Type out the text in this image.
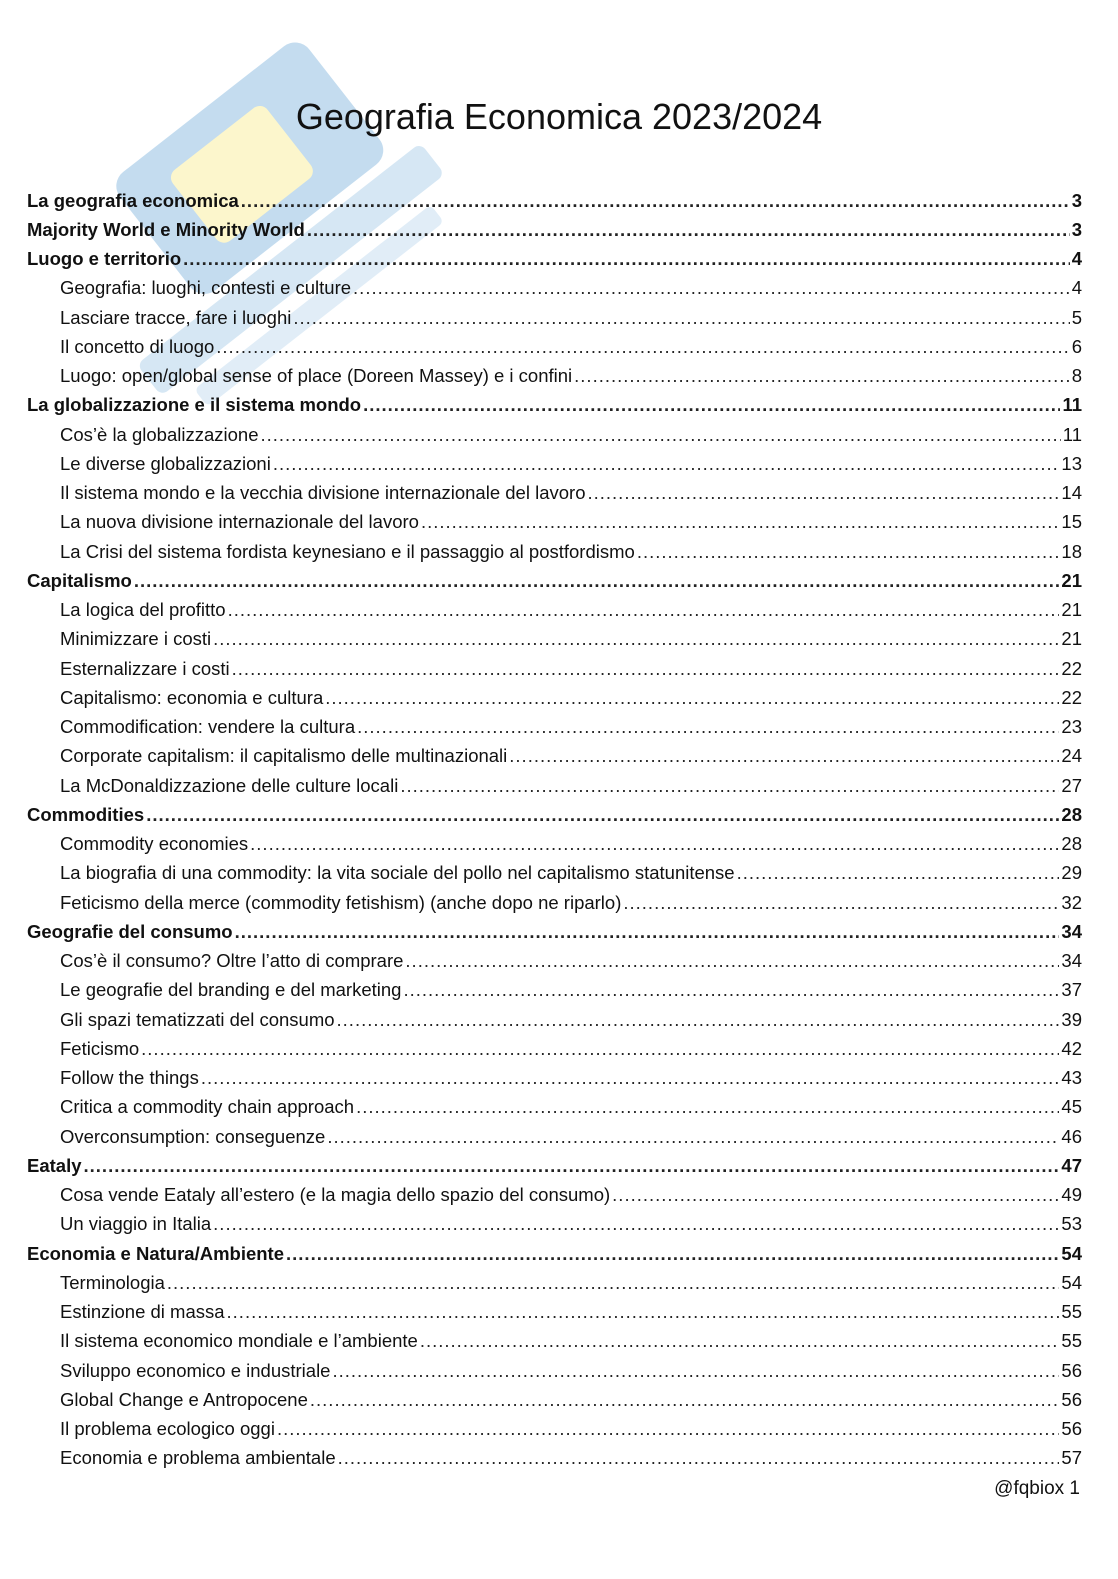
Geografia Economica 2023/2024
La geografia economica .....	3
Majority World e Minority World .....	3
Luogo e territorio .....	4
Geografia: luoghi, contesti e culture .....	4
Lasciare tracce, fare i luoghi .....	5
Il concetto di luogo .....	6
Luogo: open/global sense of place (Doreen Massey) e i confini .....	8
La globalizzazione e il sistema mondo .....	11
Cos’è la globalizzazione .....	11
Le diverse globalizzazioni .....	13
Il sistema mondo e la vecchia divisione internazionale del lavoro .....	14
La nuova divisione internazionale del lavoro .....	15
La Crisi del sistema fordista keynesiano e il passaggio al postfordismo .....	18
Capitalismo .....	21
La logica del profitto .....	21
Minimizzare i costi .....	21
Esternalizzare i costi .....	22
Capitalismo: economia e cultura .....	22
Commodification: vendere la cultura .....	23
Corporate capitalism: il capitalismo delle multinazionali .....	24
La McDonaldizzazione delle culture locali .....	27
Commodities .....	28
Commodity economies .....	28
La biografia di una commodity: la vita sociale del pollo nel capitalismo statunitense .....	29
Feticismo della merce (commodity fetishism) (anche dopo ne riparlo) .....	32
Geografie del consumo .....	34
Cos’è il consumo? Oltre l’atto di comprare .....	34
Le geografie del branding e del marketing .....	37
Gli spazi tematizzati del consumo .....	39
Feticismo .....	42
Follow the things .....	43
Critica a commodity chain approach .....	45
Overconsumption: conseguenze .....	46
Eataly .....	47
Cosa vende Eataly all’estero (e la magia dello spazio del consumo) .....	49
Un viaggio in Italia .....	53
Economia e Natura/Ambiente .....	54
Terminologia .....	54
Estinzione di massa .....	55
Il sistema economico mondiale e l’ambiente .....	55
Sviluppo economico e industriale .....	56
Global Change e Antropocene .....	56
Il problema ecologico oggi .....	56
Economia e problema ambientale .....	57
@fqbiox 1
